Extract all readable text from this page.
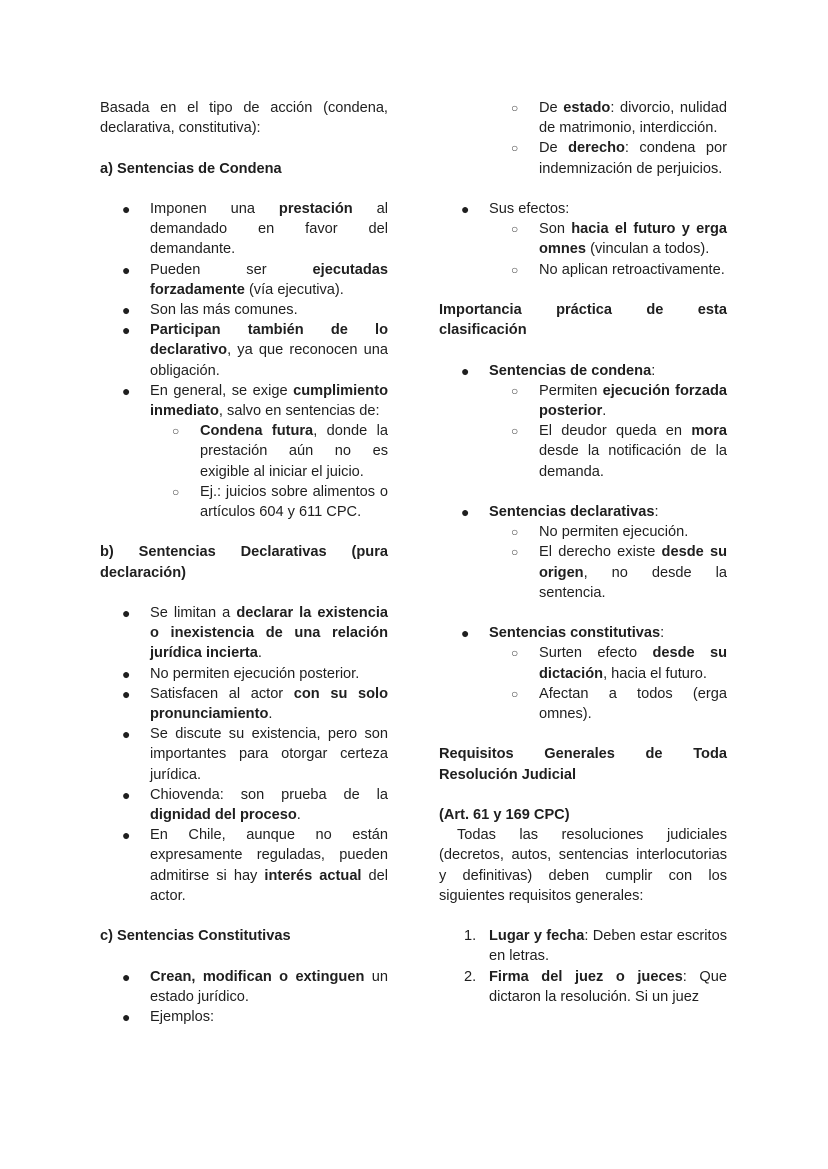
Basada en el tipo de acción (condena, declarativa, constitutiva):

a) Sentencias de Condena

● Imponen una prestación al demandado en favor del demandante.
● Pueden ser ejecutadas forzadamente (vía ejecutiva).
● Son las más comunes.
● Participan también de lo declarativo, ya que reconocen una obligación.
● En general, se exige cumplimiento inmediato, salvo en sentencias de:
○ Condena futura, donde la prestación aún no es exigible al iniciar el juicio.
○ Ej.: juicios sobre alimentos o artículos 604 y 611 CPC.

b) Sentencias Declarativas (pura declaración)

● Se limitan a declarar la existencia o inexistencia de una relación jurídica incierta.
● No permiten ejecución posterior.
● Satisfacen al actor con su solo pronunciamiento.
● Se discute su existencia, pero son importantes para otorgar certeza jurídica.
● Chiovenda: son prueba de la dignidad del proceso.
● En Chile, aunque no están expresamente reguladas, pueden admitirse si hay interés actual del actor.

c) Sentencias Constitutivas

● Crean, modifican o extinguen un estado jurídico.
● Ejemplos:
○ De estado: divorcio, nulidad de matrimonio, interdicción.
○ De derecho: condena por indemnización de perjuicios.
● Sus efectos:
○ Son hacia el futuro y erga omnes (vinculan a todos).
○ No aplican retroactivamente.

Importancia práctica de esta clasificación

● Sentencias de condena:
○ Permiten ejecución forzada posterior.
○ El deudor queda en mora desde la notificación de la demanda.
● Sentencias declarativas:
○ No permiten ejecución.
○ El derecho existe desde su origen, no desde la sentencia.
● Sentencias constitutivas:
○ Surten efecto desde su dictación, hacia el futuro.
○ Afectan a todos (erga omnes).

Requisitos Generales de Toda Resolución Judicial

(Art. 61 y 169 CPC)

Todas las resoluciones judiciales (decretos, autos, sentencias interlocutorias y definitivas) deben cumplir con los siguientes requisitos generales:

1. Lugar y fecha: Deben estar escritos en letras.
2. Firma del juez o jueces: Que dictaron la resolución. Si un juez
